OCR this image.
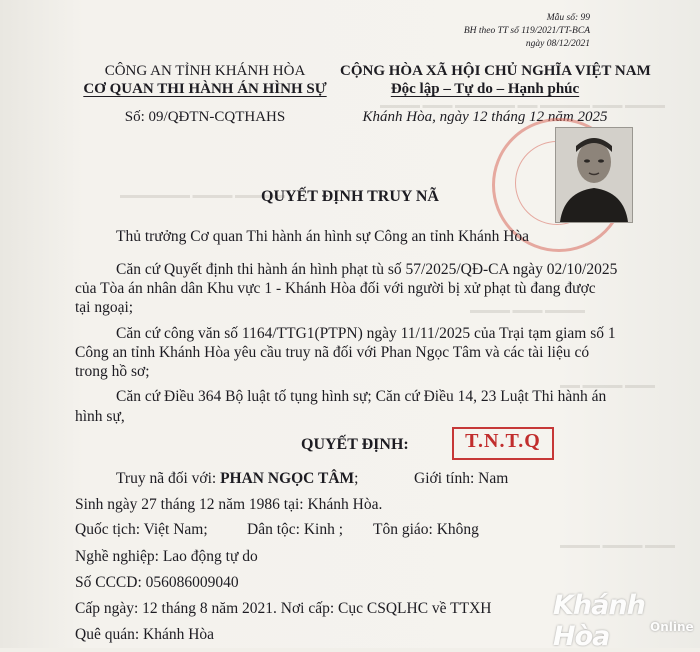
▬▬▬▬ ▬▬▬ ▬▬▬▬▬ ▬▬ ▬▬▬▬▬▬ ▬▬▬ ▬▬▬▬
▬▬▬▬▬ ▬▬▬▬ ▬▬▬▬▬▬▬
▬▬▬▬ ▬▬▬ ▬▬▬▬
▬▬▬ ▬▬▬▬ ▬▬
▬▬▬ ▬▬▬▬ ▬▬▬▬
Mẫu số: 99
BH theo TT số 119/2021/TT-BCA
ngày 08/12/2021
CÔNG AN TỈNH KHÁNH HÒA
CƠ QUAN THI HÀNH ÁN HÌNH SỰ
Số: 09/QĐTN-CQTHAHS
CỘNG HÒA XÃ HỘI CHỦ NGHĨA VIỆT NAM
Độc lập – Tự do – Hạnh phúc
Khánh Hòa, ngày 12 tháng 12 năm 2025
QUYẾT ĐỊNH TRUY NÃ
Thủ trưởng Cơ quan Thi hành án hình sự Công an tỉnh Khánh Hòa
Căn cứ Quyết định thi hành án hình phạt tù số 57/2025/QĐ-CA ngày 02/10/2025
của Tòa án nhân dân Khu vực 1 - Khánh Hòa đối với người bị xử phạt tù đang được
tại ngoại;
Căn cứ công văn số 1164/TTG1(PTPN) ngày 11/11/2025 của Trại tạm giam số 1
Công an tỉnh Khánh Hòa yêu cầu truy nã đối với Phan Ngọc Tâm và các tài liệu có
trong hồ sơ;
Căn cứ Điều 364 Bộ luật tố tụng hình sự; Căn cứ Điều 14, 23 Luật Thi hành án
hình sự,
QUYẾT ĐỊNH:	T.N.T.Q
Truy nã đối với: PHAN NGỌC TÂM;	Giới tính: Nam
Sinh ngày 27 tháng 12 năm 1986 tại: Khánh Hòa.
Quốc tịch: Việt Nam;	Dân tộc: Kinh ; Tôn giáo: Không
Nghề nghiệp: Lao động tự do
Số CCCD: 056086009040
Cấp ngày: 12 tháng 8 năm 2021. Nơi cấp: Cục CSQLHC về TTXH
Quê quán: Khánh Hòa
Khánh Hòa	Online
